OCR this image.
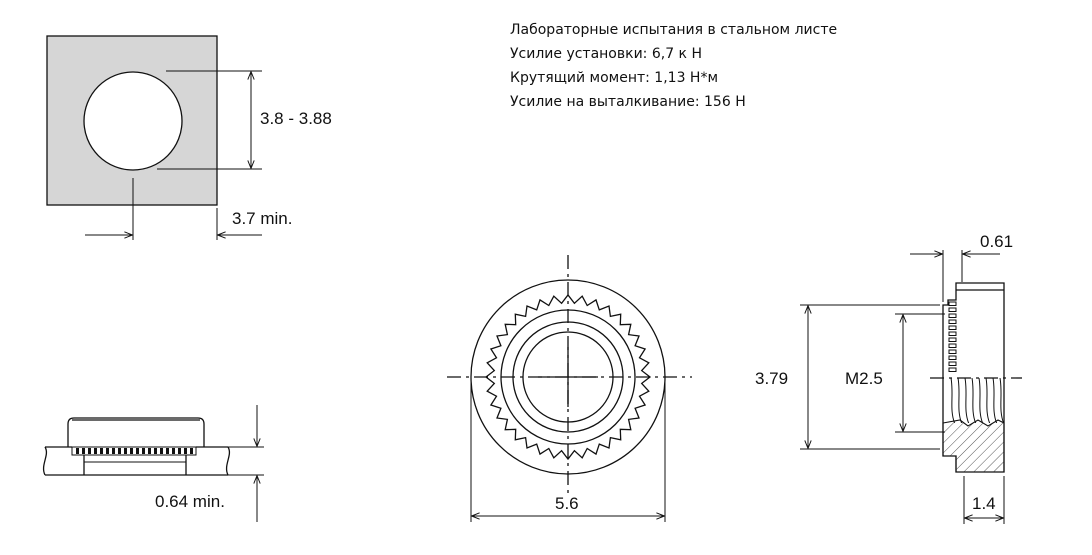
Лабораторные испытания в стальном листе
Усилие установки: 6,7 к Н
Крутящий момент: 1,13 Н*м
Усилие на выталкивание: 156 Н
3.8 - 3.88
3.7 min.
0.64 min.	5.6
0.61
3.79	M2.5
1.4
